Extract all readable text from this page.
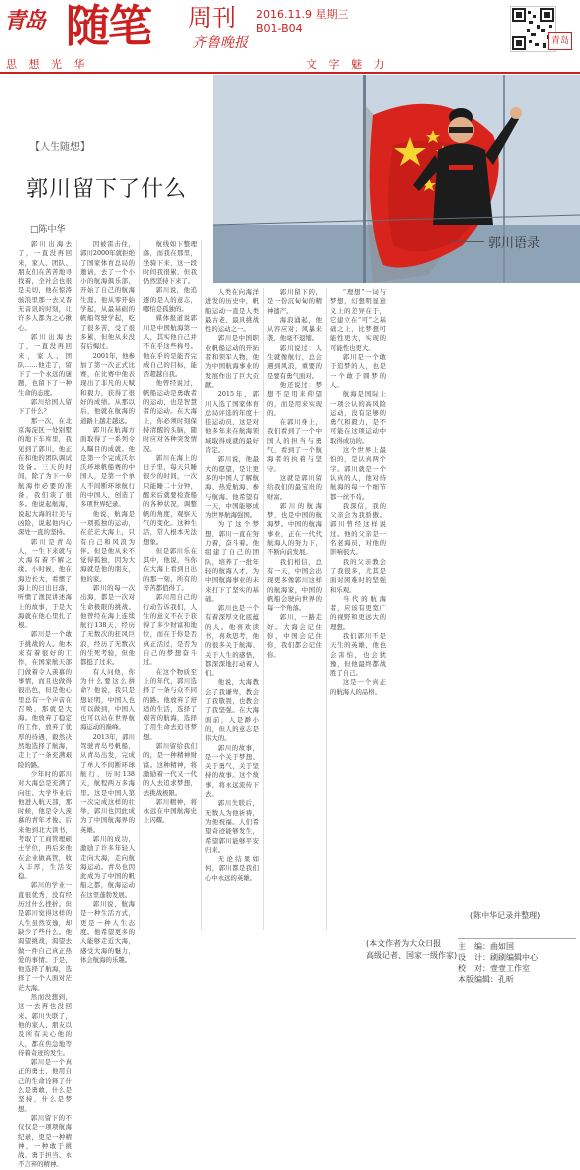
青岛 随笔 周刊
齐鲁晚报
2016.11.9 星期三
B01-B04
思 想 光 华	文 字 魅 力
青岛
【人生随想】
郭川留下了什么
□陈中华
郭川语录

郭川出海去了，一直没再回来，家人、团队、朋友们在苦苦地寻找着，全社会也很是关切，他在惊涛骇浪里那一去又杳无音讯的时刻，让许多人都为之心揪心。

郭川出海去了，一直没再回来，家人、团队……他走了，留下了一个永远的谜题，也留下了一种生命的态度。

郭川给国人留下了什么？

那一次，在北京海淀区一处别墅的地下车库里，我见到了郭川，他正在和他的团队调试设备。三天的时间，除了为下一步航海作必要的准备，我们谈了很多。他说起航海，说起大海的壮美与凶险，说起他内心深处一直的坚持。

郭川是青岛人，一生下来就与大海有着不解之缘。小时候，他在海边长大，看惯了海上的日出日落，听惯了渔民讲述海上的故事，于是大海就在他心里扎了根。

郭川是一个敢于挑战的人。他本来有着很好的工作，在国家航天部门做着令人羡慕的事情，而且也做得很出色，但是他心里总有一个声音在召唤，那就是大海。他放弃了稳定的工作，放弃了优厚的待遇，毅然决然地选择了航海，走上了一条充满艰险的路。

少年时的郭川对大海总是充满了向往。大学毕业后他进入航天部，那时候，他是令人羡慕的青年才俊。后来他到北大读书，考取了工商管理硕士学位，再后来他在企业做高管，收入丰厚，生活安稳。

郭川的学业一直很优秀，没有经历过什么挫折。但是郭川觉得这样的人生虽然安逸，却缺少了些什么。他渴望挑战，渴望去做一件自己真正热爱的事情。于是，他选择了航海，选择了一个人面对茫茫大海。

然而没想到，这一去再也没回来。郭川失联了，他的家人、朋友以及所有关心他的人，都在焦急地等待着奇迹的发生。

郭川是一个真正的勇士，他用自己的生命诠释了什么是勇敢，什么是坚持，什么是梦想。

郭川留下的不仅仅是一项项航海纪录，更是一种精神，一种敢于挑战、勇于担当、永不言弃的精神。

因被雷击住，郭川2000年就拒绝了国家体育总局的邀请，去了一个小小的航海俱乐部，开始了自己的航海生涯。他从零开始学起，从最基础的帆船驾驶学起，吃了很多苦，受了很多累，但他从来没有后悔过。

2001年，他参加了第一次正式比赛，在比赛中他表现出了非凡的天赋和毅力，获得了很好的成绩。从那以后，他就在航海的道路上越走越远。

郭川在航海方面取得了一系列令人瞩目的成就。他是第一个完成沃尔沃环球帆船赛的中国人，是第一个单人不间断环球航行的中国人，创造了多项世界纪录。

他说，航海是一项孤独的运动，在茫茫大海上，只有自己和风浪为伴。但是他从来不觉得孤独，因为大海就是他的朋友，他的家。

郭川的每一次出海，都是一次对生命极限的挑战。他曾经在海上连续航行138天，经历了无数次的狂风巨浪，经历了无数次的生死考验，但他都挺了过来。

有人问他，你为什么要这么拼命？他说，我只是想证明，中国人也可以做到，中国人也可以站在世界航海运动的巅峰。

2013年，郭川驾驶青岛号帆船，从青岛出发，完成了单人不间断环球航行，历时138天，航程两万多海里。这是中国人第一次完成这样的壮举，郭川也因此成为了中国航海界的英雄。

郭川的成功，激励了许多年轻人走向大海，走向航海运动。青岛也因此成为了中国的帆船之都，航海运动在这里蓬勃发展。

郭川说，航海是一种生活方式，更是一种人生态度。他希望更多的人能够走近大海，感受大海的魅力，体会航海的乐趣。

航线如下整理落，而我在那里，坐骑下来，这一段时间我很累，但我仍然坚持下来了。

郭川说，他追逐的是人的意志，哪怕是孤独的。

媒体报道说郭川是中国航海第一人，其实他自己并不在乎这些称号。他在乎的是能否完成自己的目标，能否超越自我。

他曾经说过，帆船运动是勇敢者的运动，也是智慧者的运动。在大海上，你必须时刻保持清醒的头脑，随时应对各种突发情况。

郭川在海上的日子里，每天只睡很少的时间，一次只能睡二十分钟，醒来后就要检查船的各种状况，调整帆的角度，观察天气的变化。这种生活，常人根本无法想象。

但是郭川乐在其中，他说，当你在大海上看到日出的那一刻，所有的辛苦都值得了。

郭川用自己的行动告诉我们，人生的意义不在于获得了多少财富和地位，而在于你是否真正活过，是否为自己的梦想奋斗过。

在这个物质至上的年代，郭川选择了一条与众不同的路。他放弃了舒适的生活，选择了艰苦的航海，选择了用生命去追寻梦想。

郭川留给我们的，是一种精神财富。这种精神，将激励着一代又一代的人去追求梦想，去挑战极限。

郭川精神，将永远在中国航海史上闪耀。

人类在向海洋进发的历史中，帆船运动一直是人类最古老、最具挑战性的运动之一。

郭川是中国职业帆船运动的开拓者和领军人物，他为中国航海事业的发展作出了巨大贡献。

2015年，郭川入选了国家体育总局评选的年度十佳运动员，这是对他多年来在航海领域取得成就的最好肯定。

郭川说，他最大的愿望，是让更多的中国人了解航海、热爱航海、参与航海。他希望有一天，中国能够成为世界航海强国。

为了这个梦想，郭川一直在努力着，奋斗着。他组建了自己的团队，培养了一批年轻的航海人才，为中国航海事业的未来打下了坚实的基础。

郭川也是一个有着深厚文化底蕴的人。他喜欢读书，喜欢思考，他的很多关于航海、关于人生的感悟，都深深地打动着人们。

他说，大海教会了我谦卑，教会了我敬畏，也教会了我坚强。在大海面前，人是渺小的，但人的意志是伟大的。

郭川的故事，是一个关于梦想、关于勇气、关于坚持的故事。这个故事，将永远流传下去。

郭川失联后，无数人为他祈祷，为他祝福。人们希望奇迹能够发生，希望郭川能够平安归来。

无论结果如何，郭川都是我们心中永远的英雄。

郭川留下的，是一份沉甸甸的精神遗产。

海浪涌起，他从容应对；风暴来袭，他毫不退缩。

郭川说过：人生就像航行，总会遇到风浪，重要的是要有勇气面对。

他还说过：梦想不是用来仰望的，而是用来实现的。

在郭川身上，我们看到了一个中国人的担当与勇气，看到了一个航海者的执着与坚守。

这就是郭川留给我们的最宝贵的财富。

郭川的航海梦，也是中国的航海梦。中国的航海事业，正在一代代航海人的努力下，不断向前发展。

我们相信，总有一天，中国会出现更多像郭川这样的航海家，中国的帆船会驶向世界的每一个角落。

郭川，一路走好。大海会记住你，中国会记住你，我们都会记住你。

“理想”一词与梦想，幻想明显意义上的差异在于，它建立在“可”之基础之上，比梦想可能性更大，实现的可能性也更大。

郭川是一个敢于追梦的人，也是一个敢于圆梦的人。

航海是国际上一项公认的高风险运动，没有足够的勇气和毅力，是不可能在这项运动中取得成功的。

这个世界上最怕的，是认真两个字。郭川就是一个认真的人，他对待航海的每一个细节都一丝不苟。

我深信，我的父亲会为我骄傲。郭川曾经这样说过。他的父亲是一名老海员，对他的影响很大。

我的父亲教会了我很多，尤其是面对困难时的坚强和乐观。

当代的航海者，应该有更宽广的视野和更远大的理想。

我们郭川不是天生的英雄，他也会害怕，也会犹豫，但他最终都战胜了自己。

这是一个真正的航海人的品格。

(本文作者为大众日报
高级记者、国家一级作家)
(陈中华记录并整理)
主　编：曲如国
设　计：刷刷编辑中心
校　对：壹壹工作室
本版编辑：孔昕
